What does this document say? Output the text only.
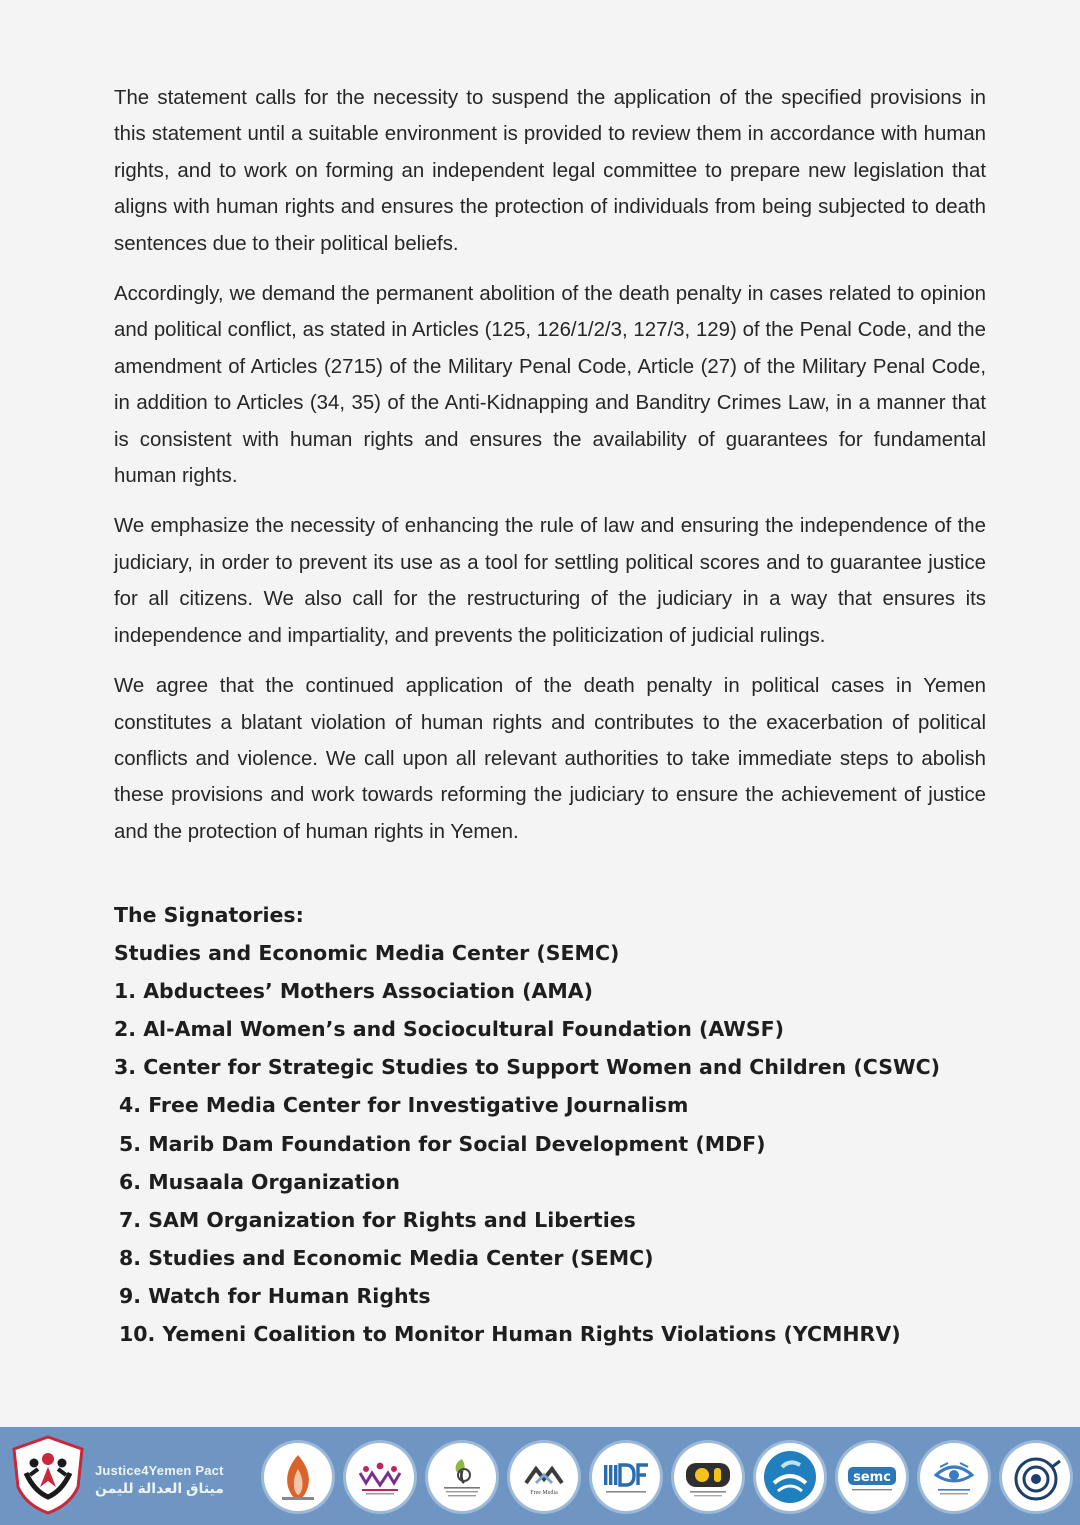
The statement calls for the necessity to suspend the application of the specified provisions in this statement until a suitable environment is provided to review them in accordance with human rights, and to work on forming an independent legal committee to prepare new legislation that aligns with human rights and ensures the protection of individuals from being subjected to death sentences due to their political beliefs.

Accordingly, we demand the permanent abolition of the death penalty in cases related to opinion and political conflict, as stated in Articles (125, 126/1/2/3, 127/3, 129) of the Penal Code, and the amendment of Articles (2715) of the Military Penal Code, Article (27) of the Military Penal Code, in addition to Articles (34, 35) of the Anti-Kidnapping and Banditry Crimes Law, in a manner that is consistent with human rights and ensures the availability of guarantees for fundamental human rights.

We emphasize the necessity of enhancing the rule of law and ensuring the independence of the judiciary, in order to prevent its use as a tool for settling political scores and to guarantee justice for all citizens. We also call for the restructuring of the judiciary in a way that ensures its independence and impartiality, and prevents the politicization of judicial rulings.

We agree that the continued application of the death penalty in political cases in Yemen constitutes a blatant violation of human rights and contributes to the exacerbation of political conflicts and violence. We call upon all relevant authorities to take immediate steps to abolish these provisions and work towards reforming the judiciary to ensure the achievement of justice and the protection of human rights in Yemen.

The Signatories:
Studies and Economic Media Center (SEMC)
1. Abductees’ Mothers Association (AMA)
2. Al-Amal Women’s and Sociocultural Foundation (AWSF)
3. Center for Strategic Studies to Support Women and Children (CSWC)
4. Free Media Center for Investigative Journalism
5. Marib Dam Foundation for Social Development (MDF)
6. Musaala Organization
7. SAM Organization for Rights and Liberties
8. Studies and Economic Media Center (SEMC)
9. Watch for Human Rights
10. Yemeni Coalition to Monitor Human Rights Violations (YCMHRV)
Justice4Yemen Pact
ميثاق العدالة لليمن	Free Media
semc
